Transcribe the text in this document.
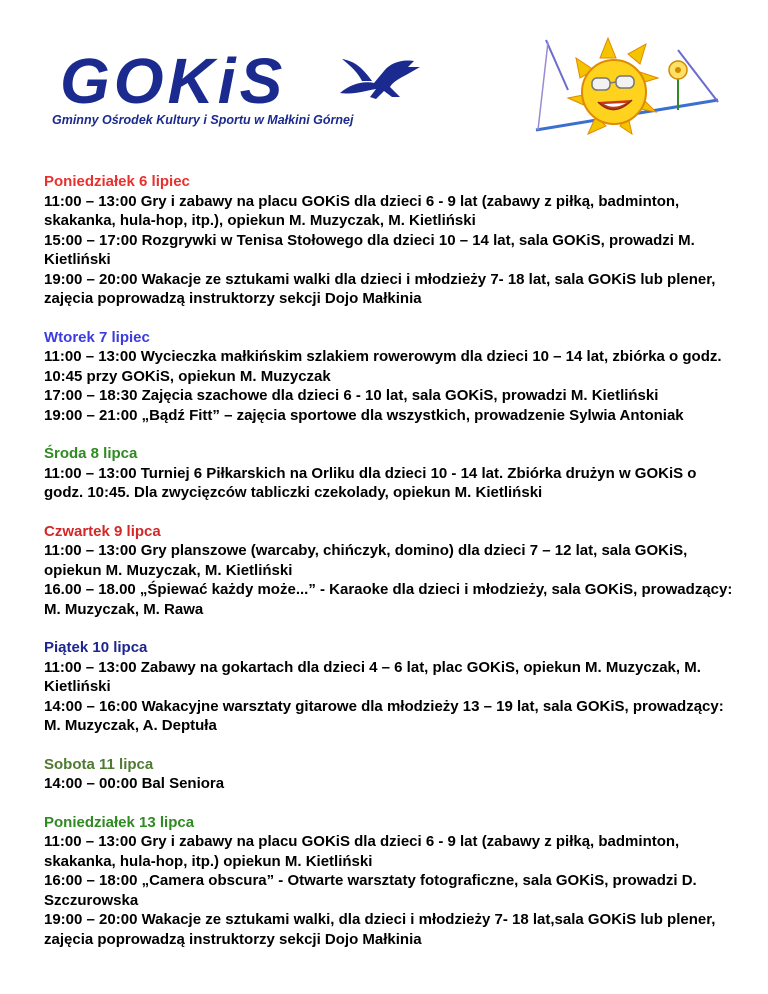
GOKiS
Gminny Ośrodek Kultury i Sportu w Małkini Górnej

Poniedziałek 6 lipiec

11:00 – 13:00 Gry i zabawy na placu GOKiS dla dzieci 6 - 9 lat (zabawy z piłką, badminton, skakanka, hula-hop, itp.), opiekun M. Muzyczak, M. Kietliński

15:00 – 17:00 Rozgrywki w Tenisa Stołowego dla dzieci 10 – 14 lat, sala GOKiS, prowadzi M. Kietliński

19:00 – 20:00 Wakacje ze sztukami walki dla dzieci i młodzieży 7- 18 lat, sala GOKiS lub plener, zajęcia poprowadzą instruktorzy sekcji Dojo Małkinia

Wtorek 7 lipiec

11:00 – 13:00 Wycieczka małkińskim szlakiem rowerowym dla dzieci 10 – 14 lat, zbiórka o godz. 10:45 przy GOKiS, opiekun M. Muzyczak

17:00 – 18:30 Zajęcia szachowe dla dzieci 6 - 10 lat, sala GOKiS, prowadzi M. Kietliński

19:00 – 21:00 „Bądź Fitt” – zajęcia sportowe dla wszystkich, prowadzenie Sylwia Antoniak

Środa 8 lipca

11:00 – 13:00 Turniej 6 Piłkarskich na Orliku dla dzieci 10 - 14 lat. Zbiórka drużyn w GOKiS o godz. 10:45. Dla zwycięzców tabliczki czekolady, opiekun M. Kietliński

Czwartek 9 lipca

11:00 – 13:00 Gry planszowe (warcaby, chińczyk, domino) dla dzieci 7 – 12 lat, sala GOKiS, opiekun M. Muzyczak, M. Kietliński

16.00 – 18.00 „Śpiewać każdy może...” - Karaoke dla dzieci i młodzieży, sala GOKiS, prowadzący: M. Muzyczak, M. Rawa

Piątek 10 lipca

11:00 – 13:00 Zabawy na gokartach dla dzieci 4 – 6 lat, plac GOKiS, opiekun M. Muzyczak, M. Kietliński

14:00 – 16:00 Wakacyjne warsztaty gitarowe dla młodzieży 13 – 19 lat, sala GOKiS, prowadzący: M. Muzyczak, A. Deptuła

Sobota 11 lipca

14:00 – 00:00 Bal Seniora

Poniedziałek 13 lipca

11:00 – 13:00 Gry i zabawy na placu GOKiS dla dzieci 6 - 9 lat (zabawy z piłką, badminton, skakanka, hula-hop, itp.) opiekun M. Kietliński

16:00 – 18:00 „Camera obscura” - Otwarte warsztaty fotograficzne, sala GOKiS, prowadzi D. Szczurowska

19:00 – 20:00 Wakacje ze sztukami walki, dla dzieci i młodzieży 7- 18 lat,sala GOKiS lub plener, zajęcia poprowadzą instruktorzy sekcji Dojo Małkinia
